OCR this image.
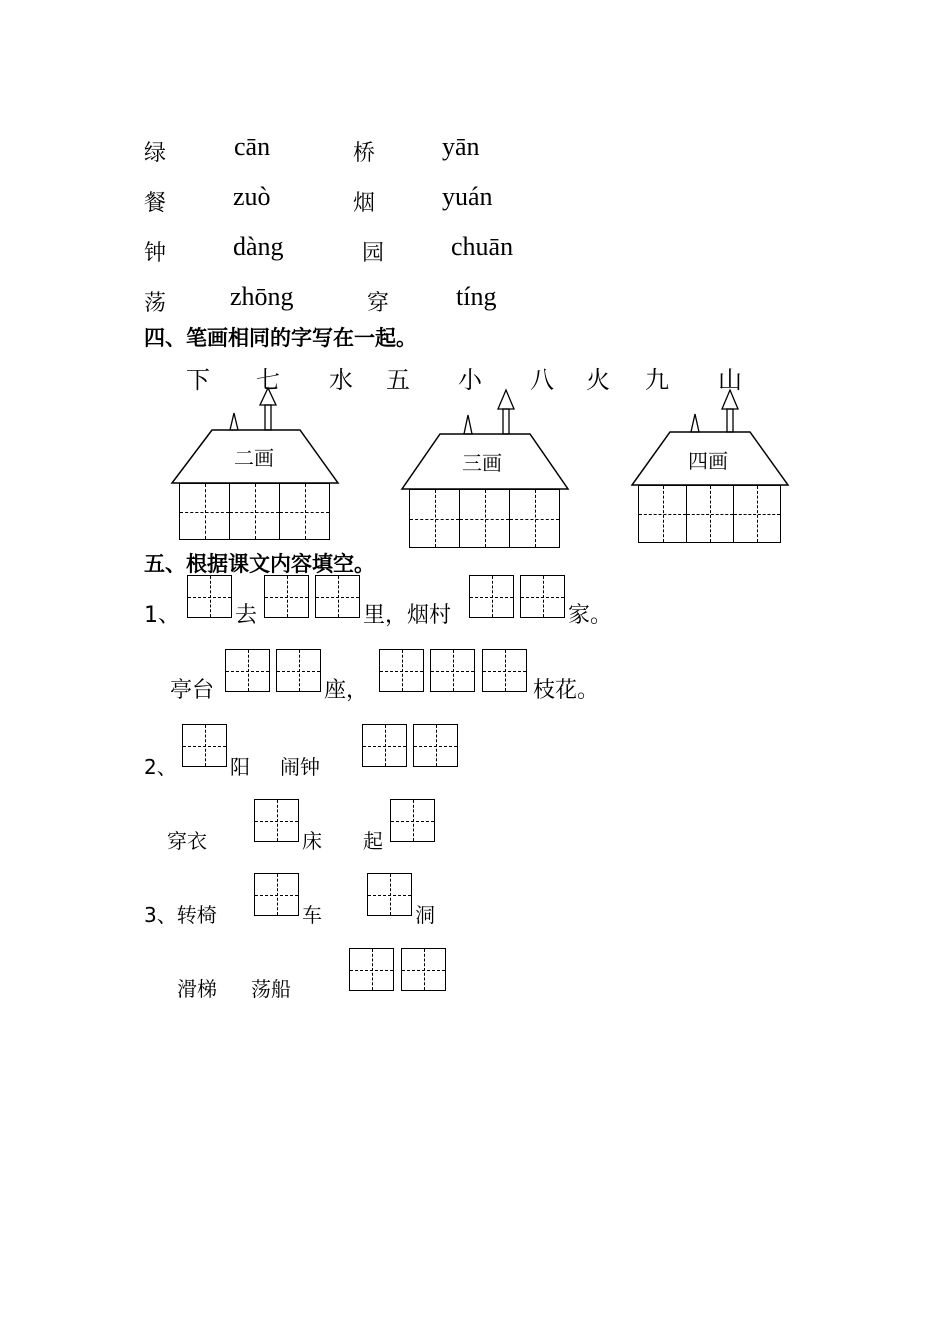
绿	cān	桥	yān
餐	zuò	烟	yuán
钟	dàng	园	chuān
荡 zhōng	穿	tíng
四、笔画相同的字写在一起。
下 七 水 五 小 八 火 九 山
二画	三画	四画
五、根据课文内容填空。
1、	去	里，烟村	家。
亭台	座，	枝花。
2、	阳 闹钟
穿衣	床 起
3、转椅	车	洞
滑梯 荡船
